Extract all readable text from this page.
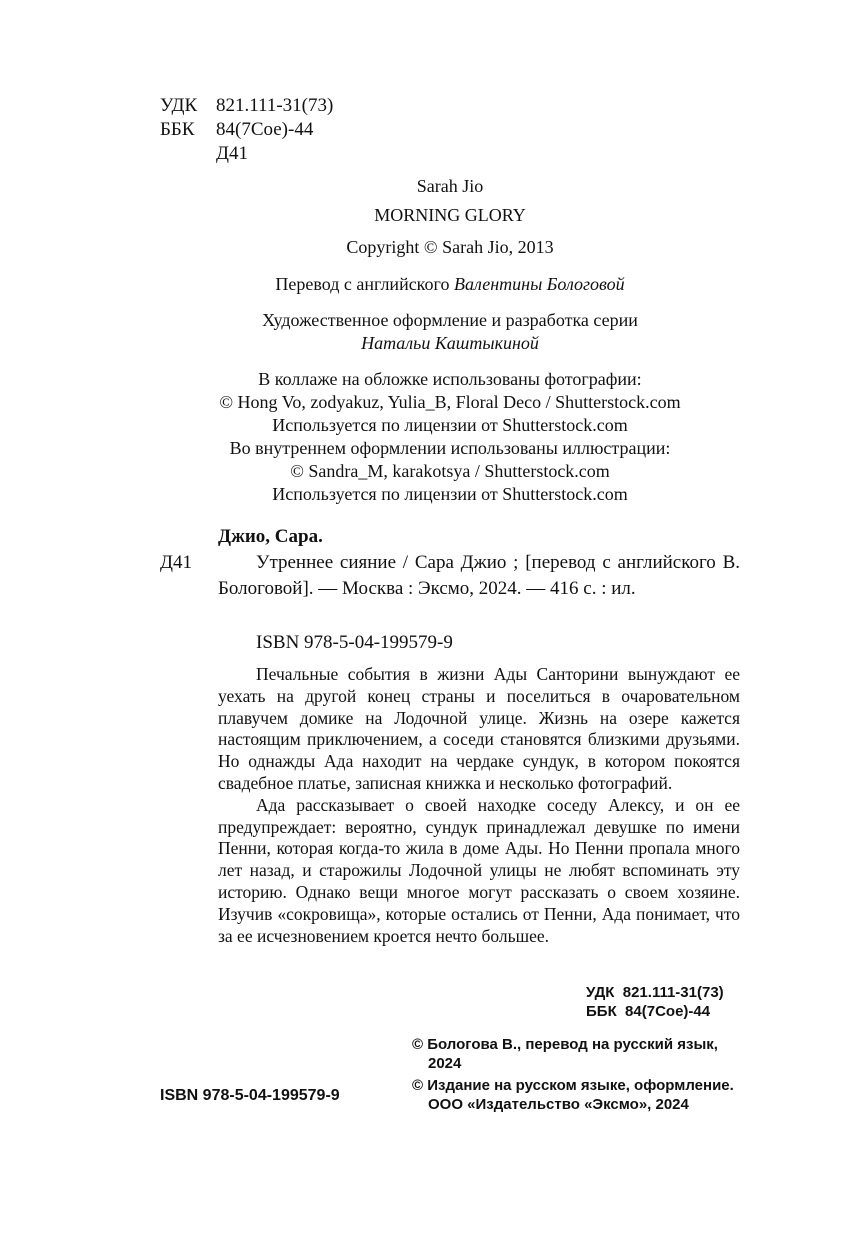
УДК 821.111-31(73)
ББК 84(7Сое)-44
Д41
Sarah Jio
MORNING GLORY
Copyright © Sarah Jio, 2013
Перевод с английского Валентины Бологовой
Художественное оформление и разработка серии
Натальи Каштыкиной
В коллаже на обложке использованы фотографии:
© Hong Vo, zodyakuz, Yulia_B, Floral Deco / Shutterstock.com
Используется по лицензии от Shutterstock.com
Во внутреннем оформлении использованы иллюстрации:
© Sandra_M, karakotsya / Shutterstock.com
Используется по лицензии от Shutterstock.com
Джио, Сара.
Д41	Утреннее сияние / Сара Джио ; [перевод с английского В. Бологовой]. — Москва : Эксмо, 2024. — 416 с. : ил.
ISBN 978-5-04-199579-9

Печальные события в жизни Ады Санторини вынуждают ее уехать на другой конец страны и поселиться в очаровательном плавучем домике на Лодочной улице. Жизнь на озере кажется настоящим приключением, а соседи становятся близкими друзьями. Но однажды Ада находит на чердаке сундук, в котором покоятся свадебное платье, записная книжка и несколько фотографий.

Ада рассказывает о своей находке соседу Алексу, и он ее предупреждает: вероятно, сундук принадлежал девушке по имени Пенни, которая когда-то жила в доме Ады. Но Пенни пропала много лет назад, и старожилы Лодочной улицы не любят вспоминать эту историю. Однако вещи многое могут рассказать о своем хозяине. Изучив «сокровища», которые остались от Пенни, Ада понимает, что за ее исчезновением кроется нечто большее.

УДК  821.111-31(73)
ББК  84(7Сое)-44
© Бологова В., перевод на русский язык, 2024
© Издание на русском языке, оформление. ООО «Издательство «Эксмо», 2024
ISBN 978-5-04-199579-9
